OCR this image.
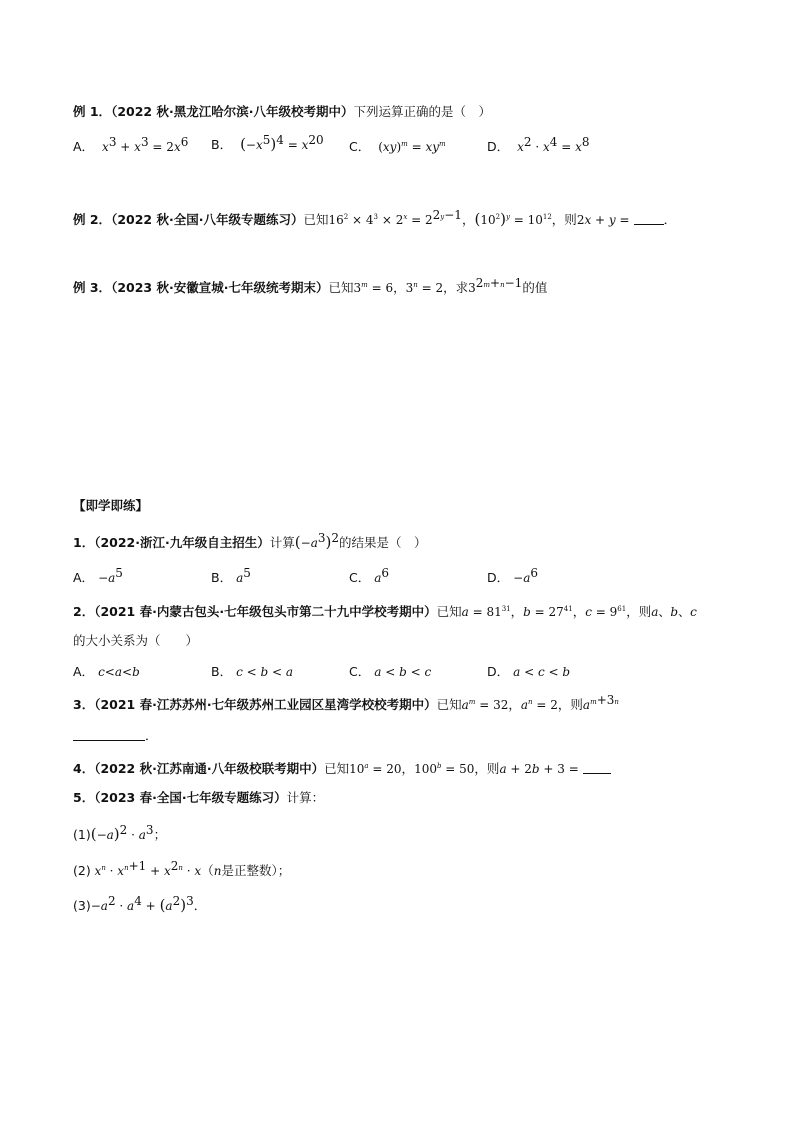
例 1．（2022 秋·黑龙江哈尔滨·八年级校考期中）下列运算正确的是（　）
A． $x^3 + x^3 = 2x^6$ B． $(-x^5)^4 = x^{20}$ C． $(xy)^m = xy^m$	D． $x^2 \cdot x^4 = x^8$
例 2．（2022 秋·全国·八年级专题练习）已知$16^2 \times 4^3 \times 2^x = 2^{2y-1}$，$(10^2)^y = 10^{12}$，则2x + y =	．
例 3．（2023 秋·安徽宣城·七年级统考期末）已知$3^m = 6$，$3^n = 2$，求$3^{2m+n-1}$的值
【即学即练】
1．（2022·浙江·九年级自主招生）计算$(-a^3)^2$的结果是（　）
A． $-a^5$	B． $a^5$	C． $a^6$	D． $-a^6$
2．（2021 春·内蒙古包头·七年级包头市第二十九中学校考期中）已知$a = 81^{31}$，$b = 27^{41}$，$c = 9^{61}$，则a、b、c
的大小关系为（　　）
A． c<a<b	B． c < b < a	C． a < b < c	D． a < c < b
3．（2021 春·江苏苏州·七年级苏州工业园区星湾学校校考期中）已知$a^m = 32$，$a^n = 2$，则$a^{m+3n}$
．
4．（2022 秋·江苏南通·八年级校联考期中）已知$10^a = 20$，$100^b = 50$，则a + 2b + 3 =
5．（2023 春·全国·七年级专题练习）计算：
$(1)(-a)^2 \cdot a^3$；
(2) $x^n \cdot x^{n+1} + x^{2n} \cdot x(n$是正整数）；
$(3)-a^2 \cdot a^4 + (a^2)^3$．
